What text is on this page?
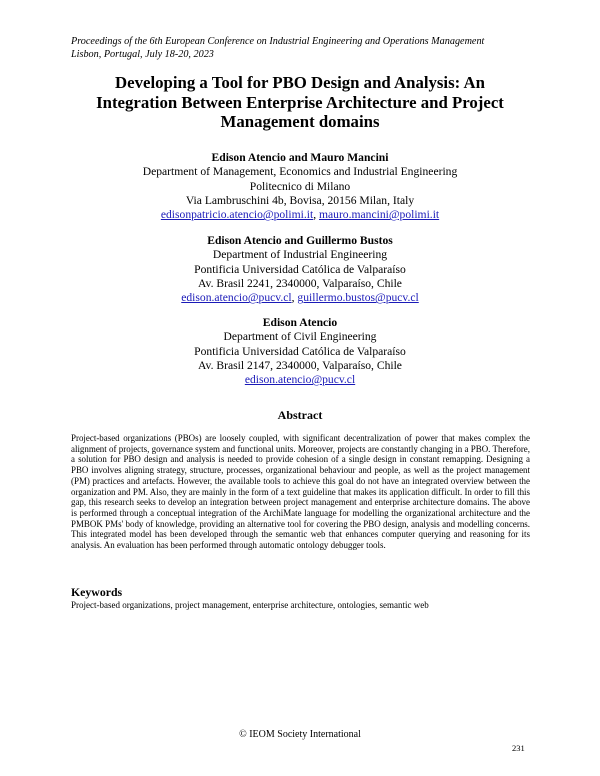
Proceedings of the 6th European Conference on Industrial Engineering and Operations Management
Lisbon, Portugal, July 18-20, 2023
Developing a Tool for PBO Design and Analysis: An
Integration Between Enterprise Architecture and Project
Management domains
Edison Atencio and Mauro Mancini
Department of Management, Economics and Industrial Engineering
Politecnico di Milano
Via Lambruschini 4b, Bovisa, 20156 Milan, Italy
edisonpatricio.atencio@polimi.it, mauro.mancini@polimi.it
Edison Atencio and Guillermo Bustos
Department of Industrial Engineering
Pontificia Universidad Católica de Valparaíso
Av. Brasil 2241, 2340000, Valparaíso, Chile
edison.atencio@pucv.cl, guillermo.bustos@pucv.cl
Edison Atencio
Department of Civil Engineering
Pontificia Universidad Católica de Valparaíso
Av. Brasil 2147, 2340000, Valparaíso, Chile
edison.atencio@pucv.cl
Abstract

Project-based organizations (PBOs) are loosely coupled, with significant decentralization of power that makes complex the alignment of projects, governance system and functional units. Moreover, projects are constantly changing in a PBO. Therefore, a solution for PBO design and analysis is needed to provide cohesion of a single design in constant remapping. Designing a PBO involves aligning strategy, structure, processes, organizational behaviour and people, as well as the project management (PM) practices and artefacts. However, the available tools to achieve this goal do not have an integrated overview between the organization and PM. Also, they are mainly in the form of a text guideline that makes its application difficult. In order to fill this gap, this research seeks to develop an integration between project management and enterprise architecture domains. The above is performed through a conceptual integration of the ArchiMate language for modelling the organizational architecture and the PMBOK PMs' body of knowledge, providing an alternative tool for covering the PBO design, analysis and modelling concerns. This integrated model has been developed through the semantic web that enhances computer querying and reasoning for its analysis. An evaluation has been performed through automatic ontology debugger tools.

Keywords
Project-based organizations, project management, enterprise architecture, ontologies, semantic web
© IEOM Society International
231
